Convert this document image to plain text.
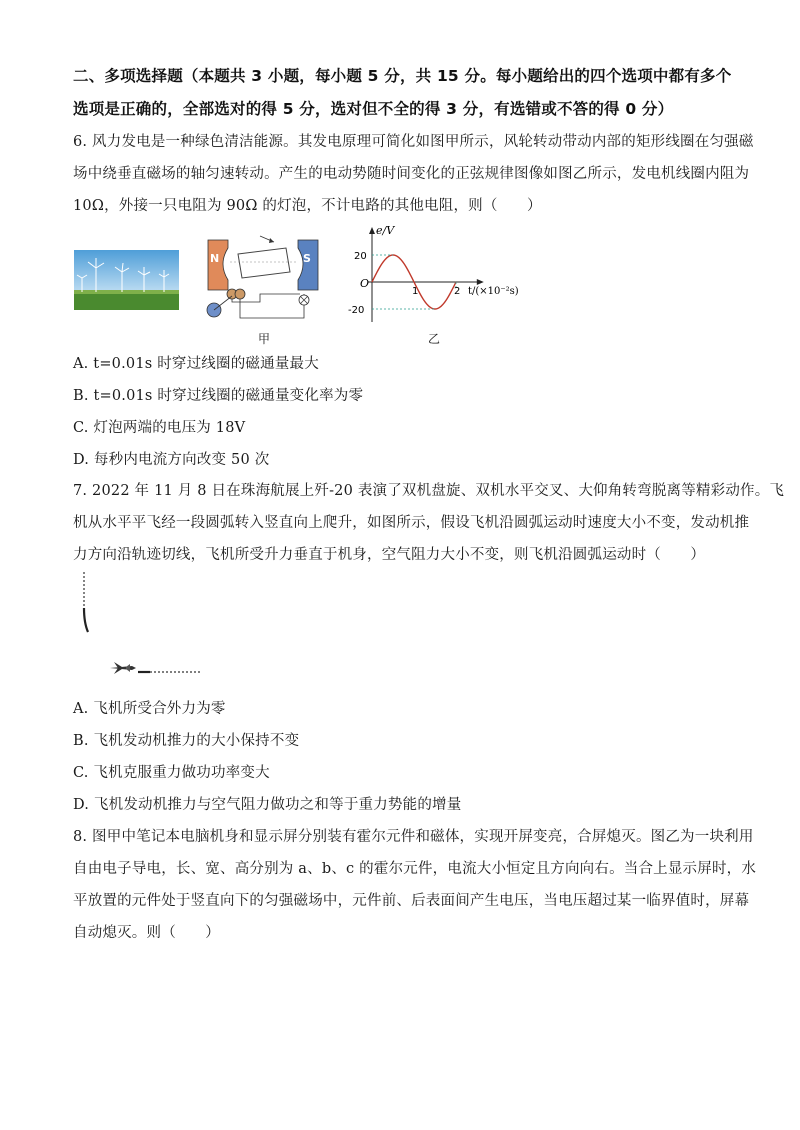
二、多项选择题（本题共 3 小题，每小题 5 分，共 15 分。每小题给出的四个选项中都有多个
选项是正确的，全部选对的得 5 分，选对但不全的得 3 分，有选错或不答的得 0 分）
6. 风力发电是一种绿色清洁能源。其发电原理可简化如图甲所示，风轮转动带动内部的矩形线圈在匀强磁
场中绕垂直磁场的轴匀速转动。产生的电动势随时间变化的正弦规律图像如图乙所示，发电机线圈内阻为
10Ω，外接一只电阻为 90Ω 的灯泡，不计电路的其他电阻，则（　　）
N	S
甲
e/V
t/(×10⁻²s)
O
20
-20
1	2
乙
A. t=0.01s 时穿过线圈的磁通量最大
B. t=0.01s 时穿过线圈的磁通量变化率为零
C. 灯泡两端的电压为 18V
D. 每秒内电流方向改变 50 次
7. 2022 年 11 月 8 日在珠海航展上歼-20 表演了双机盘旋、双机水平交叉、大仰角转弯脱离等精彩动作。飞
机从水平平飞经一段圆弧转入竖直向上爬升，如图所示，假设飞机沿圆弧运动时速度大小不变，发动机推
力方向沿轨迹切线，飞机所受升力垂直于机身，空气阻力大小不变，则飞机沿圆弧运动时（　　）
A. 飞机所受合外力为零
B. 飞机发动机推力的大小保持不变
C. 飞机克服重力做功功率变大
D. 飞机发动机推力与空气阻力做功之和等于重力势能的增量
8. 图甲中笔记本电脑机身和显示屏分别装有霍尔元件和磁体，实现开屏变亮，合屏熄灭。图乙为一块利用
自由电子导电，长、宽、高分别为 a、b、c 的霍尔元件，电流大小恒定且方向向右。当合上显示屏时，水
平放置的元件处于竖直向下的匀强磁场中，元件前、后表面间产生电压，当电压超过某一临界值时，屏幕
自动熄灭。则（　　）
